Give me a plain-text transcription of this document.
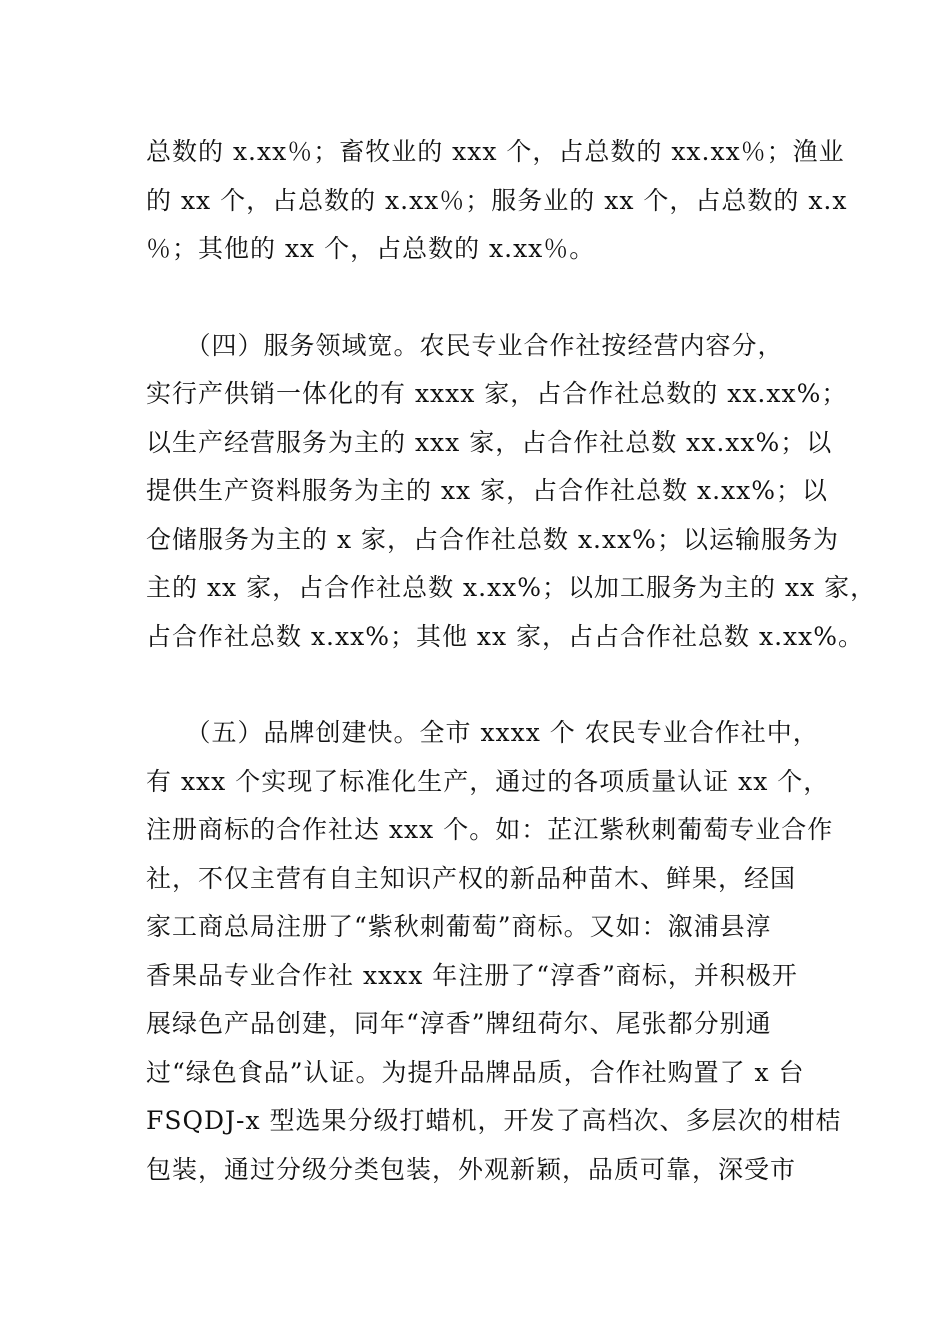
总数的 x.xx％；畜牧业的 xxx 个，占总数的 xx.xx％；渔业
的 xx 个，占总数的 x.xx％；服务业的 xx 个，占总数的 x.x
％；其他的 xx 个，占总数的 x.xx％。
　　（四）服务领域宽。农民专业合作社按经营内容分，
实行产供销一体化的有 xxxx 家，占合作社总数的 xx.xx%；
以生产经营服务为主的 xxx 家，占合作社总数 xx.xx%；以
提供生产资料服务为主的 xx 家，占合作社总数 x.xx%；以
仓储服务为主的 x 家，占合作社总数 x.xx%；以运输服务为
主的 xx 家，占合作社总数 x.xx%；以加工服务为主的 xx 家，
占合作社总数 x.xx%；其他 xx 家，占占合作社总数 x.xx%。
　　（五）品牌创建快。全市 xxxx 个 农民专业合作社中，
有 xxx 个实现了标准化生产，通过的各项质量认证 xx 个，
注册商标的合作社达 xxx 个。如：芷江紫秋刺葡萄专业合作
社，不仅主营有自主知识产权的新品种苗木、鲜果，经国
家工商总局注册了“紫秋刺葡萄”商标。又如：溆浦县淳
香果品专业合作社 xxxx 年注册了“淳香”商标，并积极开
展绿色产品创建，同年“淳香”牌纽荷尔、尾张都分别通
过“绿色食品”认证。为提升品牌品质，合作社购置了 x 台
FSQDJ-x 型选果分级打蜡机，开发了高档次、多层次的柑桔
包装，通过分级分类包装，外观新颖，品质可靠，深受市
